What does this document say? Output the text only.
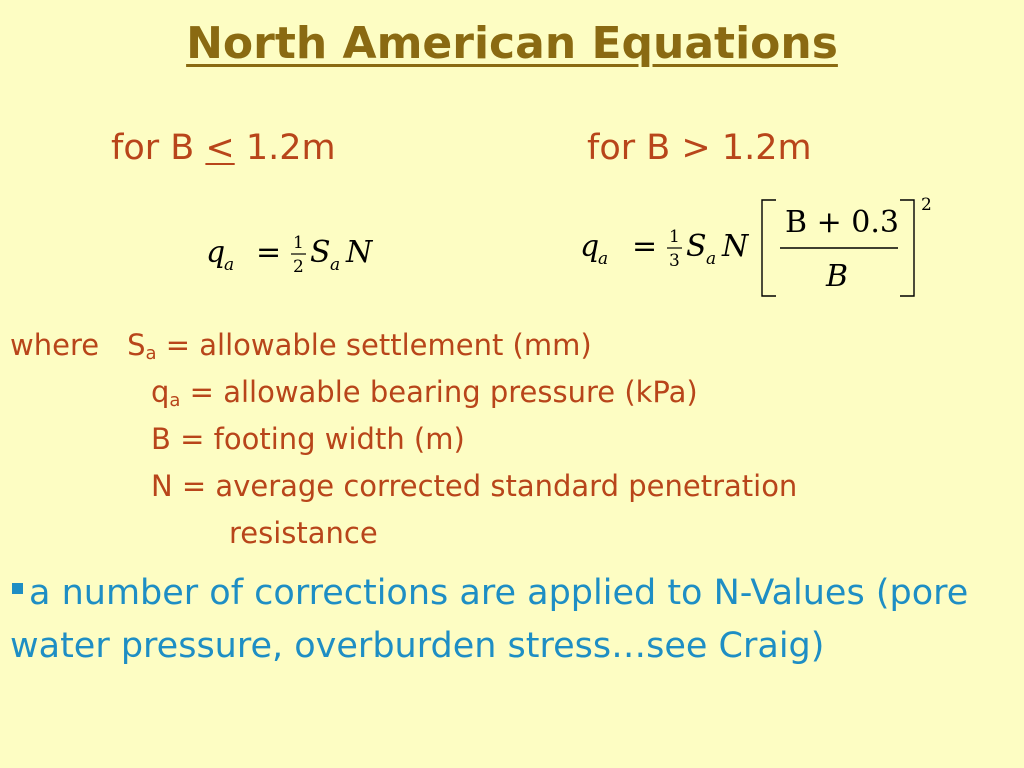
North American Equations
for B ≤ 1.2m	for B > 1.2m
q
a = 1
2 S a N	q
a = 1
3 S a N
B + 0.3
B
2
where $S_a$ = allowable settlement (mm)
$q_a$ = allowable bearing pressure (kPa)
B = footing width (m)
N = average corrected standard penetration
resistance
a number of corrections are applied to N-Values (pore water pressure, overburden stress…see Craig)
